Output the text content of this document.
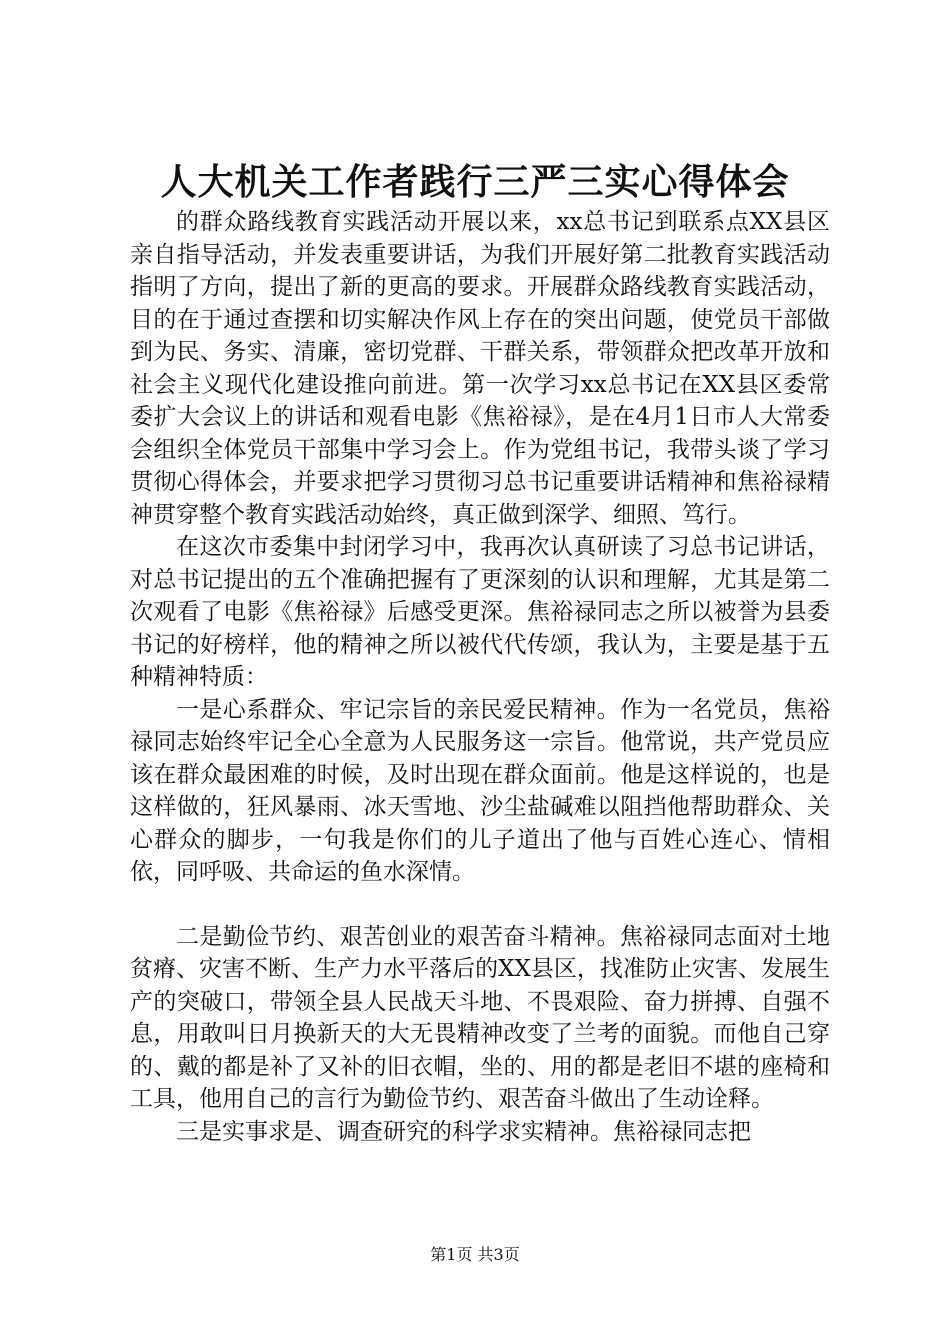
人大机关工作者践行三严三实心得体会

的群众路线教育实践活动开展以来，xx总书记到联系点XX县区亲自指导活动，并发表重要讲话，为我们开展好第二批教育实践活动指明了方向，提出了新的更高的要求。开展群众路线教育实践活动，目的在于通过查摆和切实解决作风上存在的突出问题，使党员干部做到为民、务实、清廉，密切党群、干群关系，带领群众把改革开放和社会主义现代化建设推向前进。第一次学习xx总书记在XX县区委常委扩大会议上的讲话和观看电影《焦裕禄》，是在4月1日市人大常委会组织全体党员干部集中学习会上。作为党组书记，我带头谈了学习贯彻心得体会，并要求把学习贯彻习总书记重要讲话精神和焦裕禄精神贯穿整个教育实践活动始终，真正做到深学、细照、笃行。

在这次市委集中封闭学习中，我再次认真研读了习总书记讲话，对总书记提出的五个准确把握有了更深刻的认识和理解，尤其是第二次观看了电影《焦裕禄》后感受更深。焦裕禄同志之所以被誉为县委书记的好榜样，他的精神之所以被代代传颂，我认为，主要是基于五种精神特质：

一是心系群众、牢记宗旨的亲民爱民精神。作为一名党员，焦裕禄同志始终牢记全心全意为人民服务这一宗旨。他常说，共产党员应该在群众最困难的时候，及时出现在群众面前。他是这样说的，也是这样做的，狂风暴雨、冰天雪地、沙尘盐碱难以阻挡他帮助群众、关心群众的脚步，一句我是你们的儿子道出了他与百姓心连心、情相依，同呼吸、共命运的鱼水深情。

二是勤俭节约、艰苦创业的艰苦奋斗精神。焦裕禄同志面对土地贫瘠、灾害不断、生产力水平落后的XX县区，找准防止灾害、发展生产的突破口，带领全县人民战天斗地、不畏艰险、奋力拼搏、自强不息，用敢叫日月换新天的大无畏精神改变了兰考的面貌。而他自己穿的、戴的都是补了又补的旧衣帽，坐的、用的都是老旧不堪的座椅和工具，他用自己的言行为勤俭节约、艰苦奋斗做出了生动诠释。

三是实事求是、调查研究的科学求实精神。焦裕禄同志把

第1页 共3页
